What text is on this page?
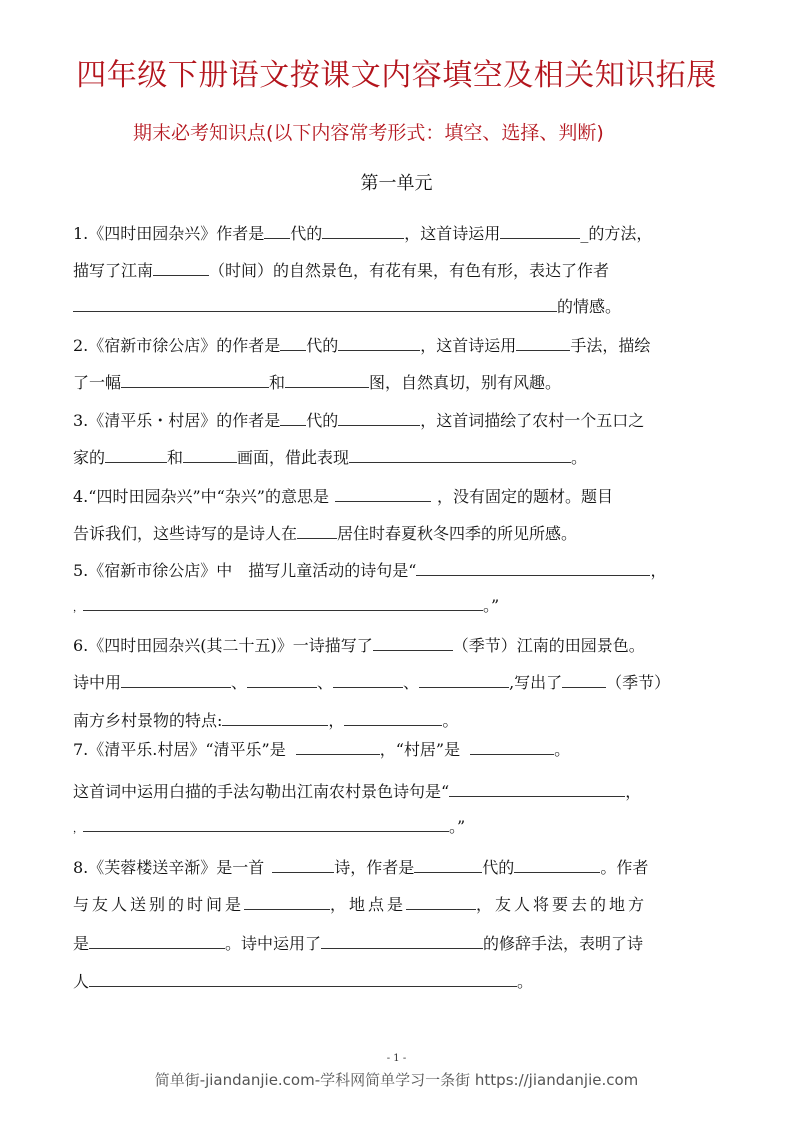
四年级下册语文按课文内容填空及相关知识拓展
期末必考知识点(以下内容常考形式：填空、选择、判断)
第一单元
1.《四时田园杂兴》作者是 代的	，这首诗运用	_的方法，
描写了江南	（时间）的自然景色，有花有果，有色有形，表达了作者
的情感。
2.《宿新市徐公店》的作者是 代的	，这首诗运用	手法，描绘
了一幅	和	图，自然真切，别有风趣。
3.《清平乐・村居》的作者是 代的	，这首词描绘了农村一个五口之
家的	和	画面，借此表现	。
4.“四时田园杂兴”中“杂兴”的意思是	，没有固定的题材。题目
告诉我们，这些诗写的是诗人在	居住时春夏秋冬四季的所见所感。
5.《宿新市徐公店》中　描写儿童活动的诗句是“	，
，	。”
6.《四时田园杂兴(其二十五)》一诗描写了	（季节）江南的田园景色。
诗中用	、	、	、	,写出了	（季节）
南方乡村景物的特点:	，	。
7.《清平乐.村居》“清平乐”是	，“村居”是	。
这首词中运用白描的手法勾勒出江南农村景色诗句是“	，
，	。”
8.《芙蓉楼送辛渐》是一首	诗，作者是	代的	。作者
与友人送别的时间是	，地点是	，友人将要去的地方
是	。诗中运用了	的修辞手法，表明了诗
人	。
- 1 -
简单街-jiandanjie.com-学科网简单学习一条街 https://jiandanjie.com
